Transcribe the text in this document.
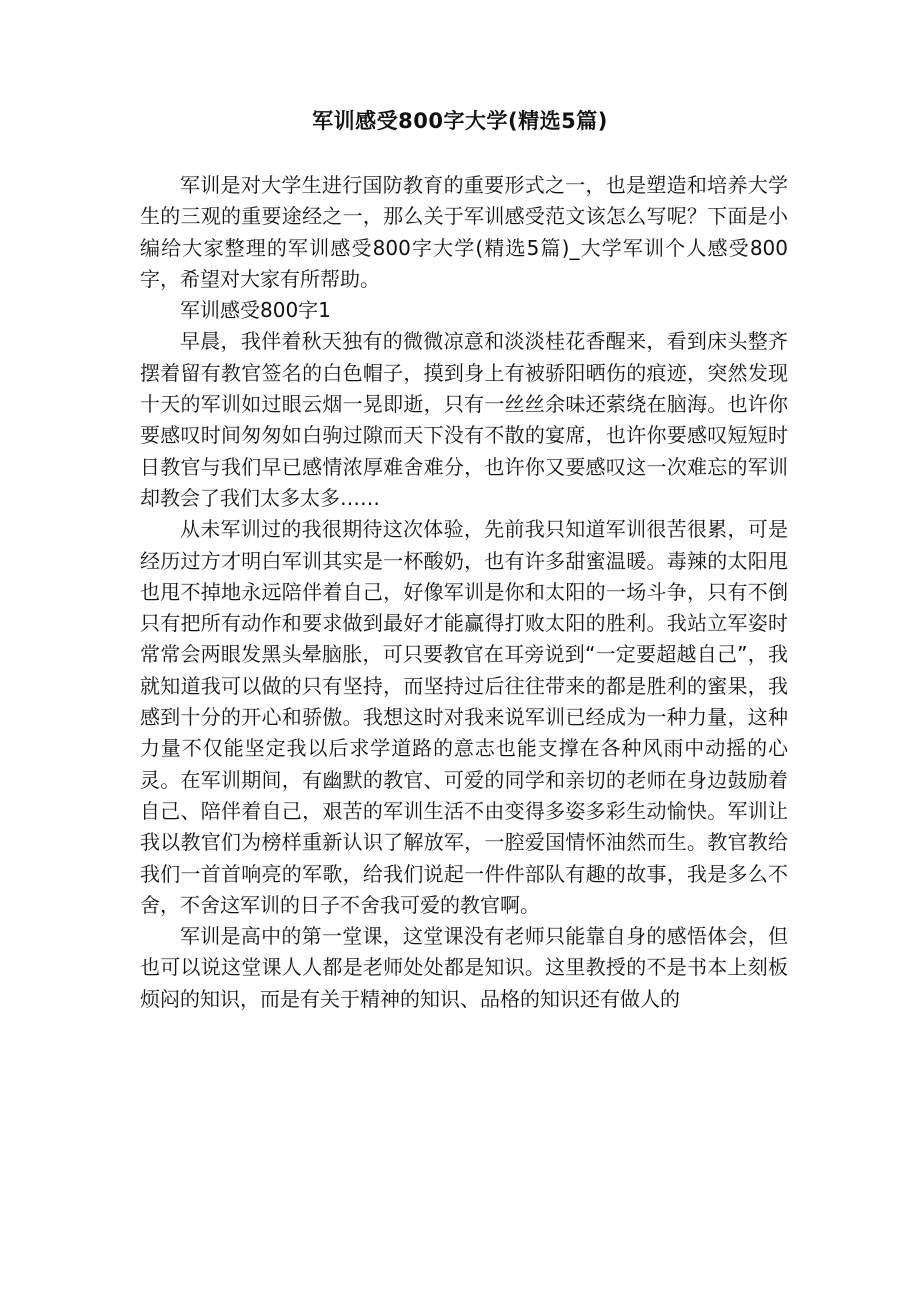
军训感受800字大学(精选5篇)

军训是对大学生进行国防教育的重要形式之一，也是塑造和培养大学生的三观的重要途经之一，那么关于军训感受范文该怎么写呢？下面是小编给大家整理的军训感受800字大学(精选5篇)_大学军训个人感受800字，希望对大家有所帮助。

军训感受800字1

早晨，我伴着秋天独有的微微凉意和淡淡桂花香醒来，看到床头整齐摆着留有教官签名的白色帽子，摸到身上有被骄阳晒伤的痕迹，突然发现十天的军训如过眼云烟一晃即逝，只有一丝丝余味还萦绕在脑海。也许你要感叹时间匆匆如白驹过隙而天下没有不散的宴席，也许你要感叹短短时日教官与我们早已感情浓厚难舍难分，也许你又要感叹这一次难忘的军训却教会了我们太多太多……

从未军训过的我很期待这次体验，先前我只知道军训很苦很累，可是经历过方才明白军训其实是一杯酸奶，也有许多甜蜜温暖。毒辣的太阳甩也甩不掉地永远陪伴着自己，好像军训是你和太阳的一场斗争，只有不倒只有把所有动作和要求做到最好才能赢得打败太阳的胜利。我站立军姿时常常会两眼发黑头晕脑胀，可只要教官在耳旁说到“一定要超越自己”，我就知道我可以做的只有坚持，而坚持过后往往带来的都是胜利的蜜果，我感到十分的开心和骄傲。我想这时对我来说军训已经成为一种力量，这种力量不仅能坚定我以后求学道路的意志也能支撑在各种风雨中动摇的心灵。在军训期间，有幽默的教官、可爱的同学和亲切的老师在身边鼓励着自己、陪伴着自己，艰苦的军训生活不由变得多姿多彩生动愉快。军训让我以教官们为榜样重新认识了解放军，一腔爱国情怀油然而生。教官教给我们一首首响亮的军歌，给我们说起一件件部队有趣的故事，我是多么不舍，不舍这军训的日子不舍我可爱的教官啊。

军训是高中的第一堂课，这堂课没有老师只能靠自身的感悟体会，但也可以说这堂课人人都是老师处处都是知识。这里教授的不是书本上刻板烦闷的知识，而是有关于精神的知识、品格的知识还有做人的
